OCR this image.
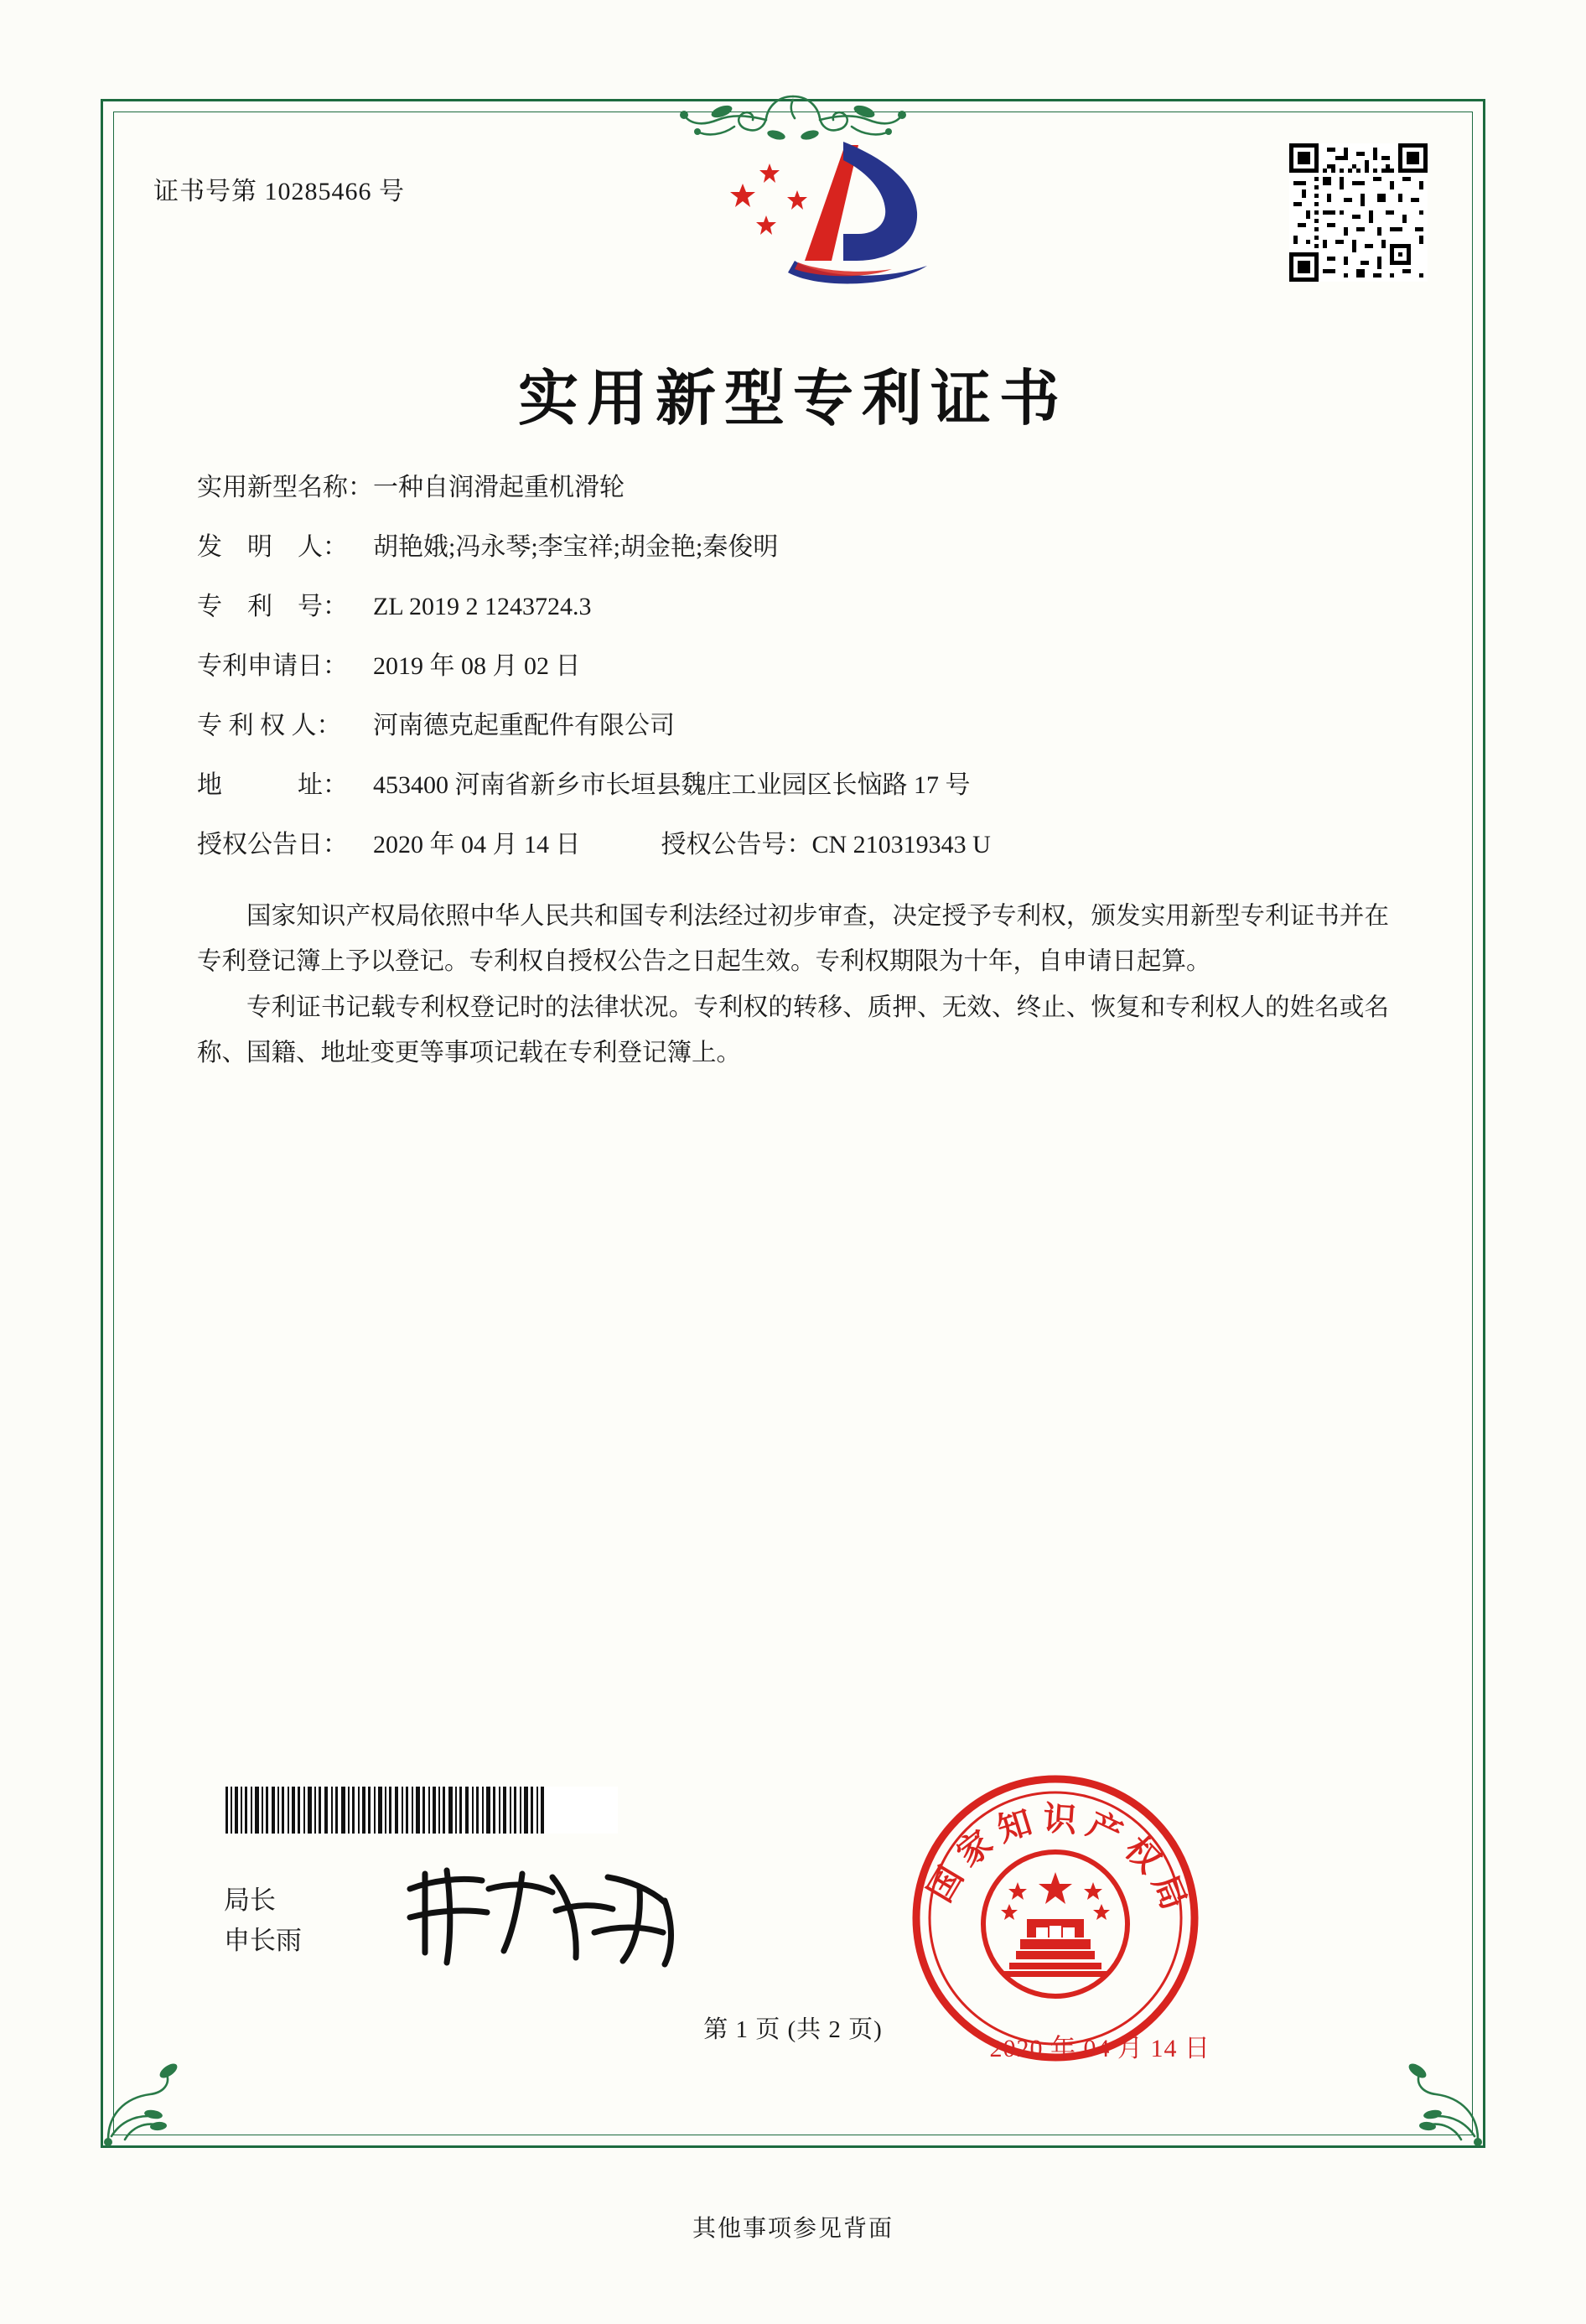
证书号第 10285466 号
实用新型专利证书
实用新型名称： 一种自润滑起重机滑轮
发　明　人：	胡艳娥;冯永琴;李宝祥;胡金艳;秦俊明
专　利　号：	ZL 2019 2 1243724.3
专利申请日：	2019 年 08 月 02 日
专 利 权 人：	河南德克起重配件有限公司
地　　　址：	453400 河南省新乡市长垣县魏庄工业园区长恼路 17 号
授权公告日：	2020 年 04 月 14 日	授权公告号： CN 210319343 U

国家知识产权局依照中华人民共和国专利法经过初步审查，决定授予专利权，颁发实用新型专利证书并在专利登记簿上予以登记。专利权自授权公告之日起生效。专利权期限为十年，自申请日起算。

专利证书记载专利权登记时的法律状况。专利权的转移、质押、无效、终止、恢复和专利权人的姓名或名称、国籍、地址变更等事项记载在专利登记簿上。

局长
申长雨
国家知识产权局
2020 年 04 月 14 日
第 1 页 (共 2 页)
其他事项参见背面
